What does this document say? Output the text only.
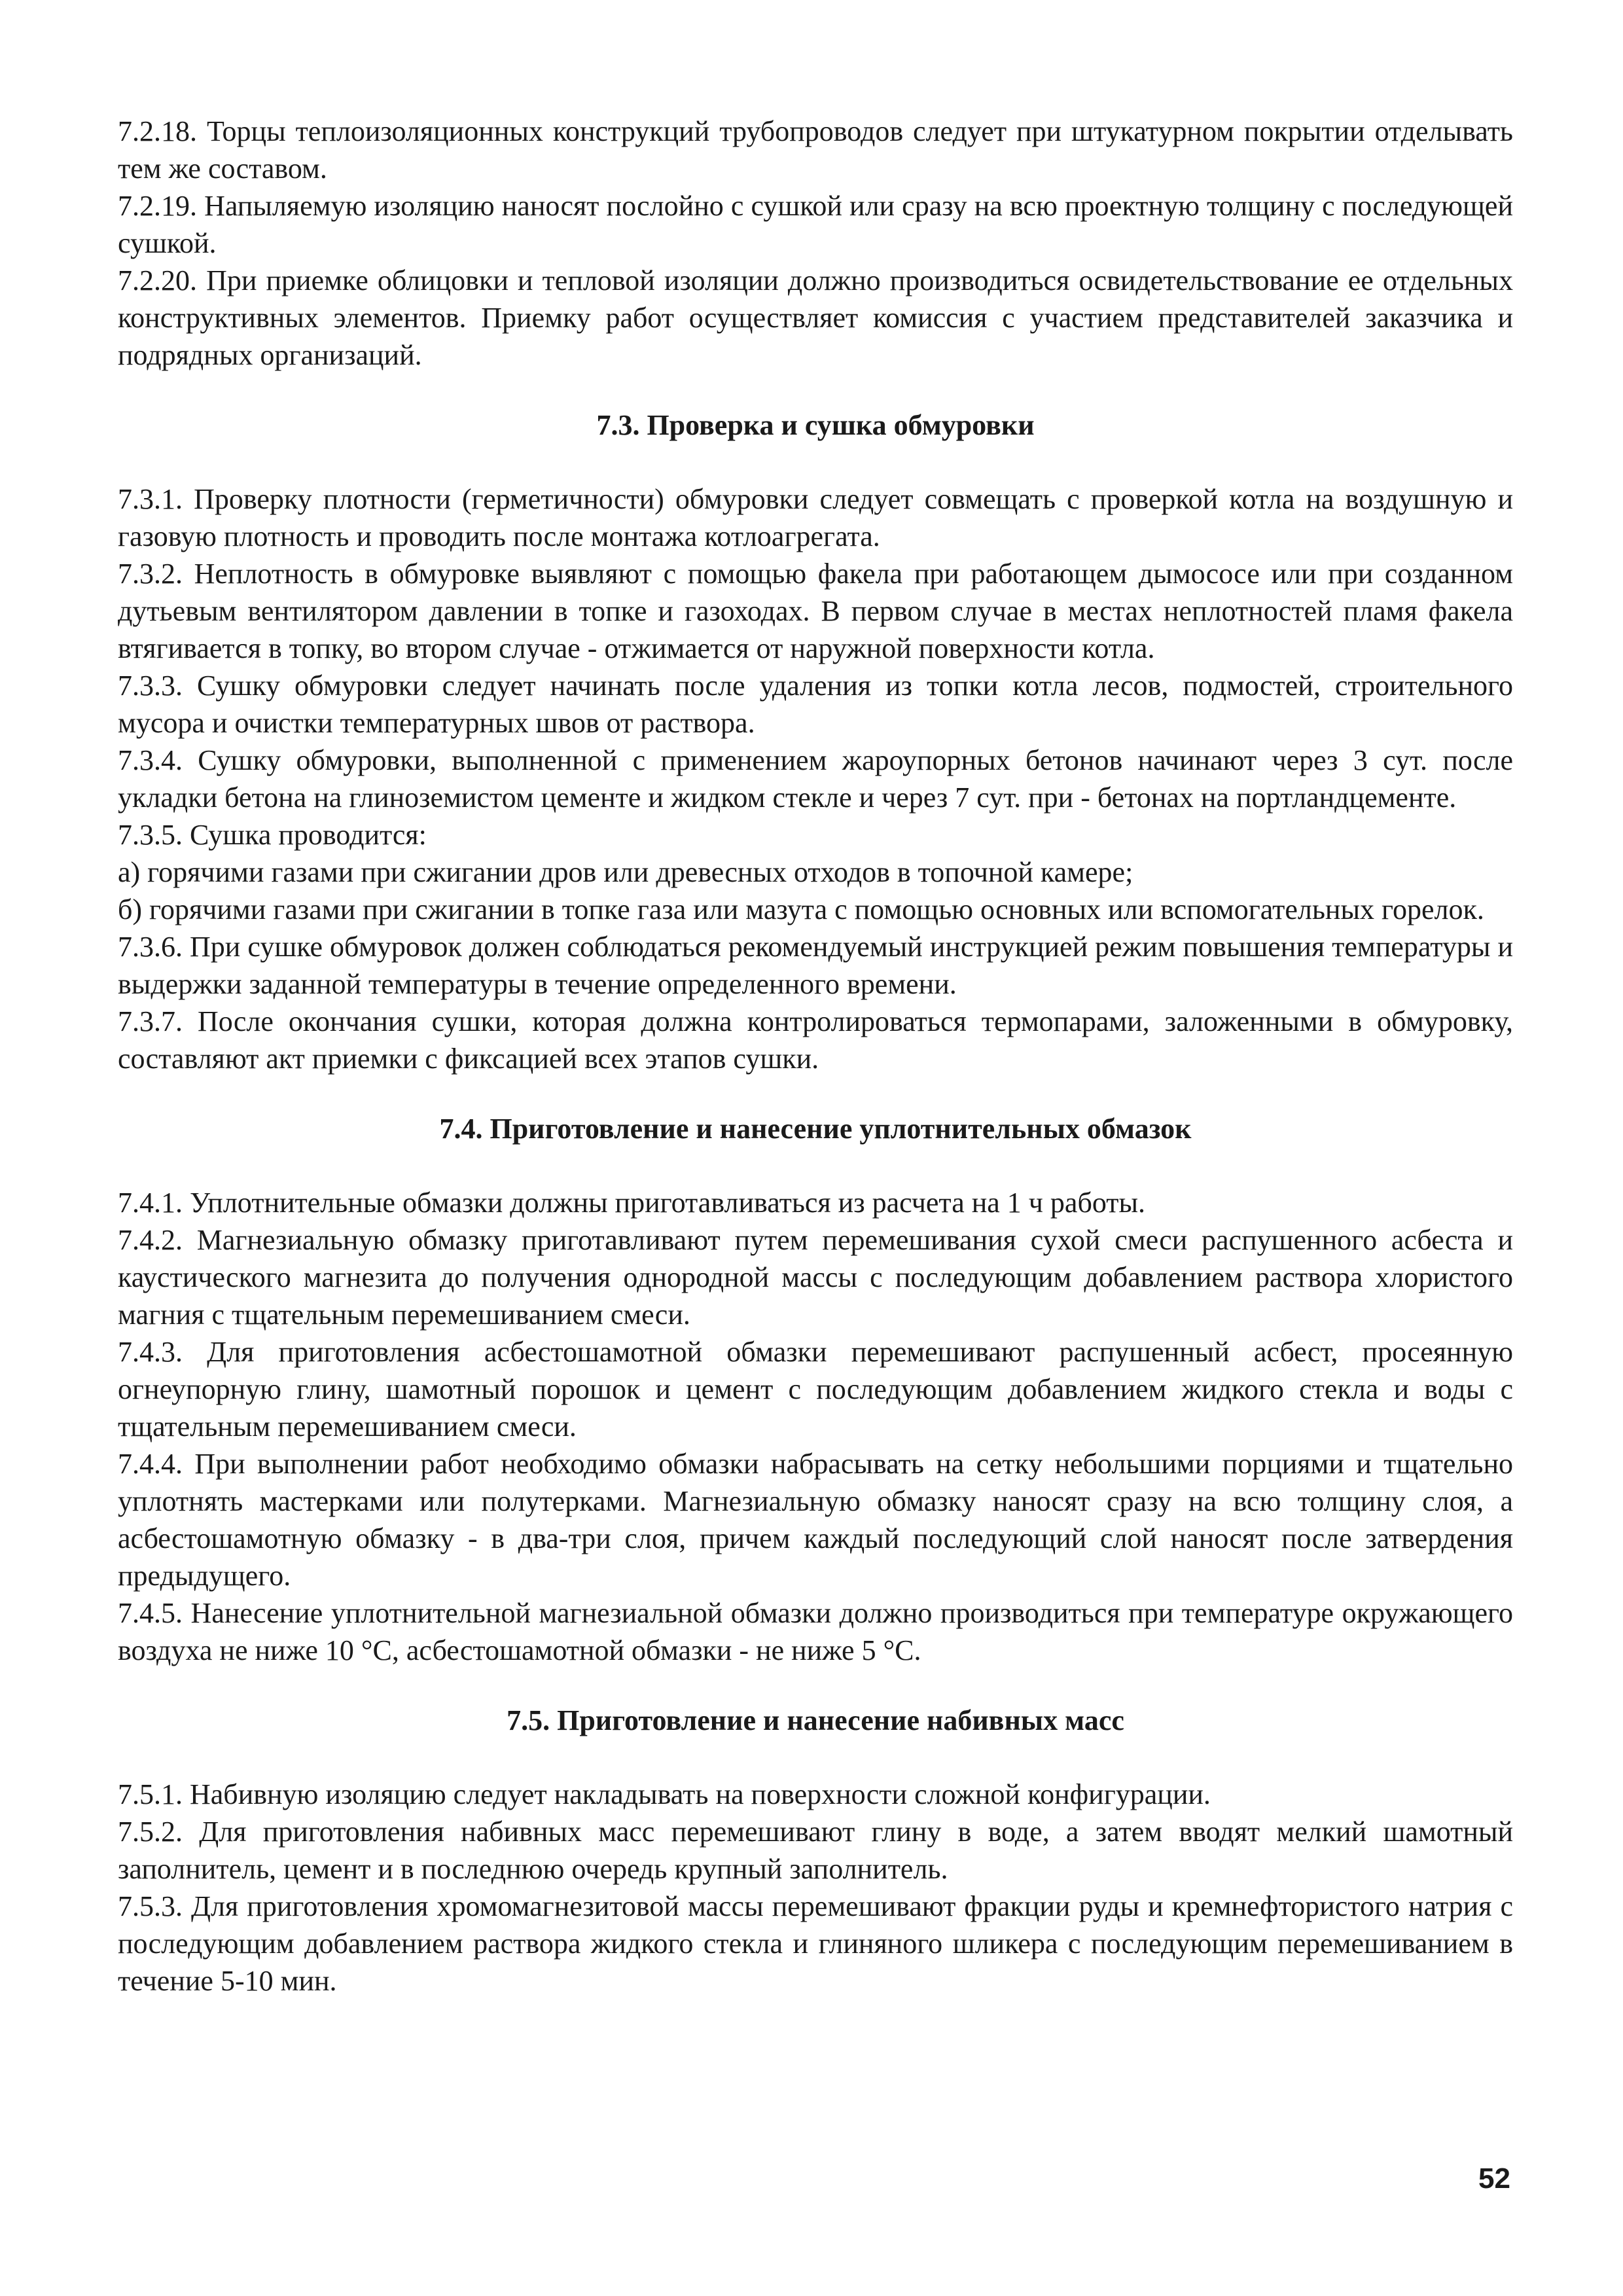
7.2.18. Торцы теплоизоляционных конструкций трубопроводов следует при штукатурном покрытии отделывать тем же составом.

7.2.19. Напыляемую изоляцию наносят послойно с сушкой или сразу на всю проектную толщину с последующей сушкой.

7.2.20. При приемке облицовки и тепловой изоляции должно производиться освидетельствование ее отдельных конструктивных элементов. Приемку работ осуществляет комиссия с участием представителей заказчика и подрядных организаций.

7.3. Проверка и сушка обмуровки

7.3.1. Проверку плотности (герметичности) обмуровки следует совмещать с проверкой котла на воздушную и газовую плотность и проводить после монтажа котлоагрегата.

7.3.2. Неплотность в обмуровке выявляют с помощью факела при работающем дымососе или при созданном дутьевым вентилятором давлении в топке и газоходах. В первом случае в местах неплотностей пламя факела втягивается в топку, во втором случае - отжимается от наружной поверхности котла.

7.3.3. Сушку обмуровки следует начинать после удаления из топки котла лесов, подмостей, строительного мусора и очистки температурных швов от раствора.

7.3.4. Сушку обмуровки, выполненной с применением жароупорных бетонов начинают через 3 сут. после укладки бетона на глиноземистом цементе и жидком стекле и через 7 сут. при - бетонах на портландцементе.

7.3.5. Сушка проводится:

а) горячими газами при сжигании дров или древесных отходов в топочной камере;

б) горячими газами при сжигании в топке газа или мазута с помощью основных или вспомогательных горелок.

7.3.6. При сушке обмуровок должен соблюдаться рекомендуемый инструкцией режим повышения температуры и выдержки заданной температуры в течение определенного времени.

7.3.7. После окончания сушки, которая должна контролироваться термопарами, заложенными в обмуровку, составляют акт приемки с фиксацией всех этапов сушки.

7.4. Приготовление и нанесение уплотнительных обмазок

7.4.1. Уплотнительные обмазки должны приготавливаться из расчета на 1 ч работы.

7.4.2. Магнезиальную обмазку приготавливают путем перемешивания сухой смеси распушенного асбеста и каустического магнезита до получения однородной массы с последующим добавлением раствора хлористого магния с тщательным перемешиванием смеси.

7.4.3. Для приготовления асбестошамотной обмазки перемешивают распушенный асбест, просеянную огнеупорную глину, шамотный порошок и цемент с последующим добавлением жидкого стекла и воды с тщательным перемешиванием смеси.

7.4.4. При выполнении работ необходимо обмазки набрасывать на сетку небольшими порциями и тщательно уплотнять мастерками или полутерками. Магнезиальную обмазку наносят сразу на всю толщину слоя, а асбестошамотную обмазку - в два-три слоя, причем каждый последующий слой наносят после затвердения предыдущего.

7.4.5. Нанесение уплотнительной магнезиальной обмазки должно производиться при температуре окружающего воздуха не ниже 10 °С, асбестошамотной обмазки - не ниже 5 °С.

7.5. Приготовление и нанесение набивных масс

7.5.1. Набивную изоляцию следует накладывать на поверхности сложной конфигурации.

7.5.2. Для приготовления набивных масс перемешивают глину в воде, а затем вводят мелкий шамотный заполнитель, цемент и в последнюю очередь крупный заполнитель.

7.5.3. Для приготовления хромомагнезитовой массы перемешивают фракции руды и кремнефтористого натрия с последующим добавлением раствора жидкого стекла и глиняного шликера с последующим перемешиванием в течение 5-10 мин.

52
